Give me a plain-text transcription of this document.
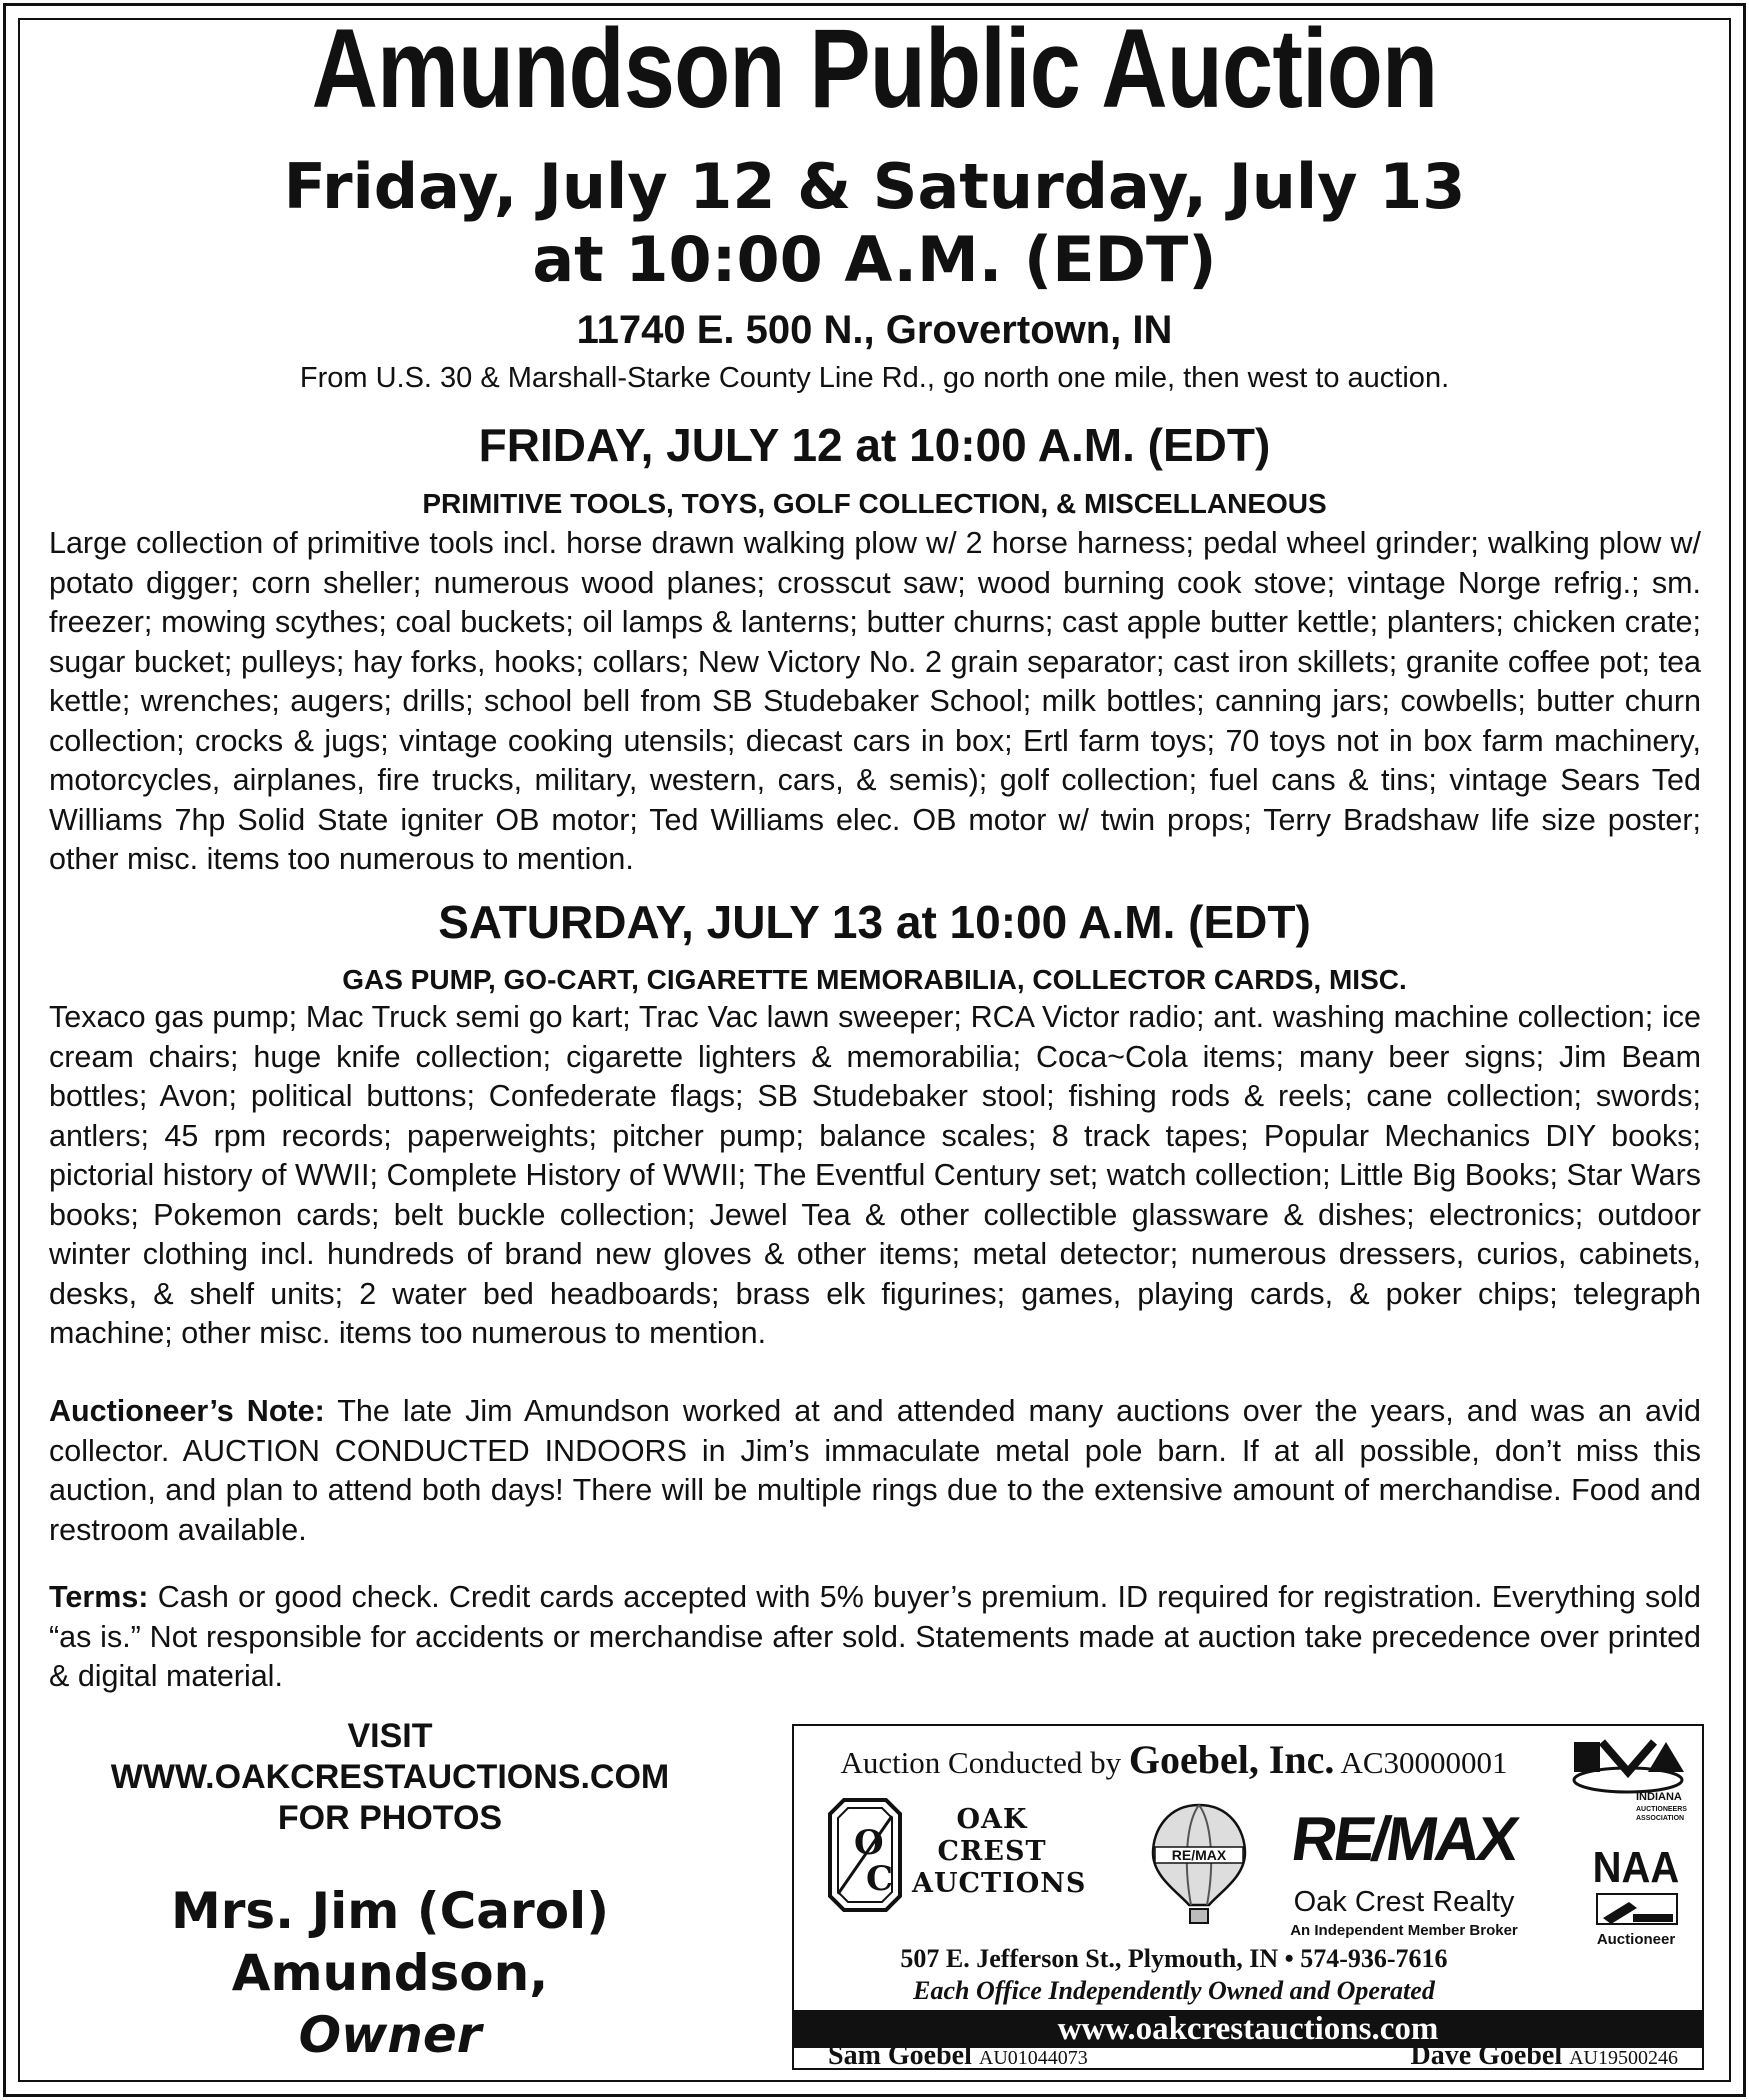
Amundson Public Auction
Friday, July 12 & Saturday, July 13
at 10:00 A.M. (EDT)
11740 E. 500 N., Grovertown, IN
From U.S. 30 & Marshall-Starke County Line Rd., go north one mile, then west to auction.
FRIDAY, JULY 12 at 10:00 A.M. (EDT)
PRIMITIVE TOOLS, TOYS, GOLF COLLECTION, & MISCELLANEOUS
Large collection of primitive tools incl. horse drawn walking plow w/ 2 horse harness; pedal wheel grinder; walking plow w/ potato digger; corn sheller; numerous wood planes; crosscut saw; wood burning cook stove; vintage Norge refrig.; sm. freezer; mowing scythes; coal buckets; oil lamps & lanterns; butter churns; cast apple butter kettle; planters; chicken crate; sugar bucket; pulleys; hay forks, hooks; collars; New Victory No. 2 grain separator; cast iron skillets; granite coffee pot; tea kettle; wrenches; augers; drills; school bell from SB Studebaker School; milk bottles; canning jars; cowbells; butter churn collection; crocks & jugs; vintage cooking utensils; diecast cars in box; Ertl farm toys; 70 toys not in box farm machinery, motorcycles, airplanes, fire trucks, military, western, cars, & semis); golf collection; fuel cans & tins; vintage Sears Ted Williams 7hp Solid State igniter OB motor; Ted Williams elec. OB motor w/ twin props; Terry Bradshaw life size poster; other misc. items too numerous to mention.
SATURDAY, JULY 13 at 10:00 A.M. (EDT)
GAS PUMP, GO-CART, CIGARETTE MEMORABILIA, COLLECTOR CARDS, MISC.
Texaco gas pump; Mac Truck semi go kart; Trac Vac lawn sweeper; RCA Victor radio; ant. washing machine collection; ice cream chairs; huge knife collection; cigarette lighters & memorabilia; Coca~Cola items; many beer signs; Jim Beam bottles; Avon; political buttons; Confederate flags; SB Studebaker stool; fishing rods & reels; cane collection; swords; antlers; 45 rpm records; paperweights; pitcher pump; balance scales; 8 track tapes; Popular Mechanics DIY books; pictorial history of WWII; Complete History of WWII; The Eventful Century set; watch collection; Little Big Books; Star Wars books; Pokemon cards; belt buckle collection; Jewel Tea & other collectible glassware & dishes; electronics; outdoor winter clothing incl. hundreds of brand new gloves & other items; metal detector; numerous dressers, curios, cabinets, desks, & shelf units; 2 water bed headboards; brass elk figurines; games, playing cards, & poker chips; telegraph machine; other misc. items too numerous to mention.
Auctioneer’s Note: The late Jim Amundson worked at and attended many auctions over the years, and was an avid collector. AUCTION CONDUCTED INDOORS in Jim’s immaculate metal pole barn. If at all possible, don’t miss this auction, and plan to attend both days! There will be multiple rings due to the extensive amount of merchandise. Food and restroom available.
Terms: Cash or good check. Credit cards accepted with 5% buyer’s premium. ID required for registration. Everything sold “as is.” Not responsible for accidents or merchandise after sold. Statements made at auction take precedence over printed & digital material.
VISIT
WWW.OAKCRESTAUCTIONS.COM
FOR PHOTOS
Mrs. Jim (Carol)
Amundson,
Owner
Auction Conducted by Goebel, Inc. AC30000001
O
C
OAK
CREST
AUCTIONS
RE/MAX RE/MAX
Oak Crest Realty
An Independent Member Broker
INDIANA
AUCTIONEERS
ASSOCIATION
NAA
Auctioneer
507 E. Jefferson St., Plymouth, IN • 574-936-7616
Each Office Independently Owned and Operated
www.oakcrestauctions.com
Sam Goebel AU01044073	Dave Goebel AU19500246
